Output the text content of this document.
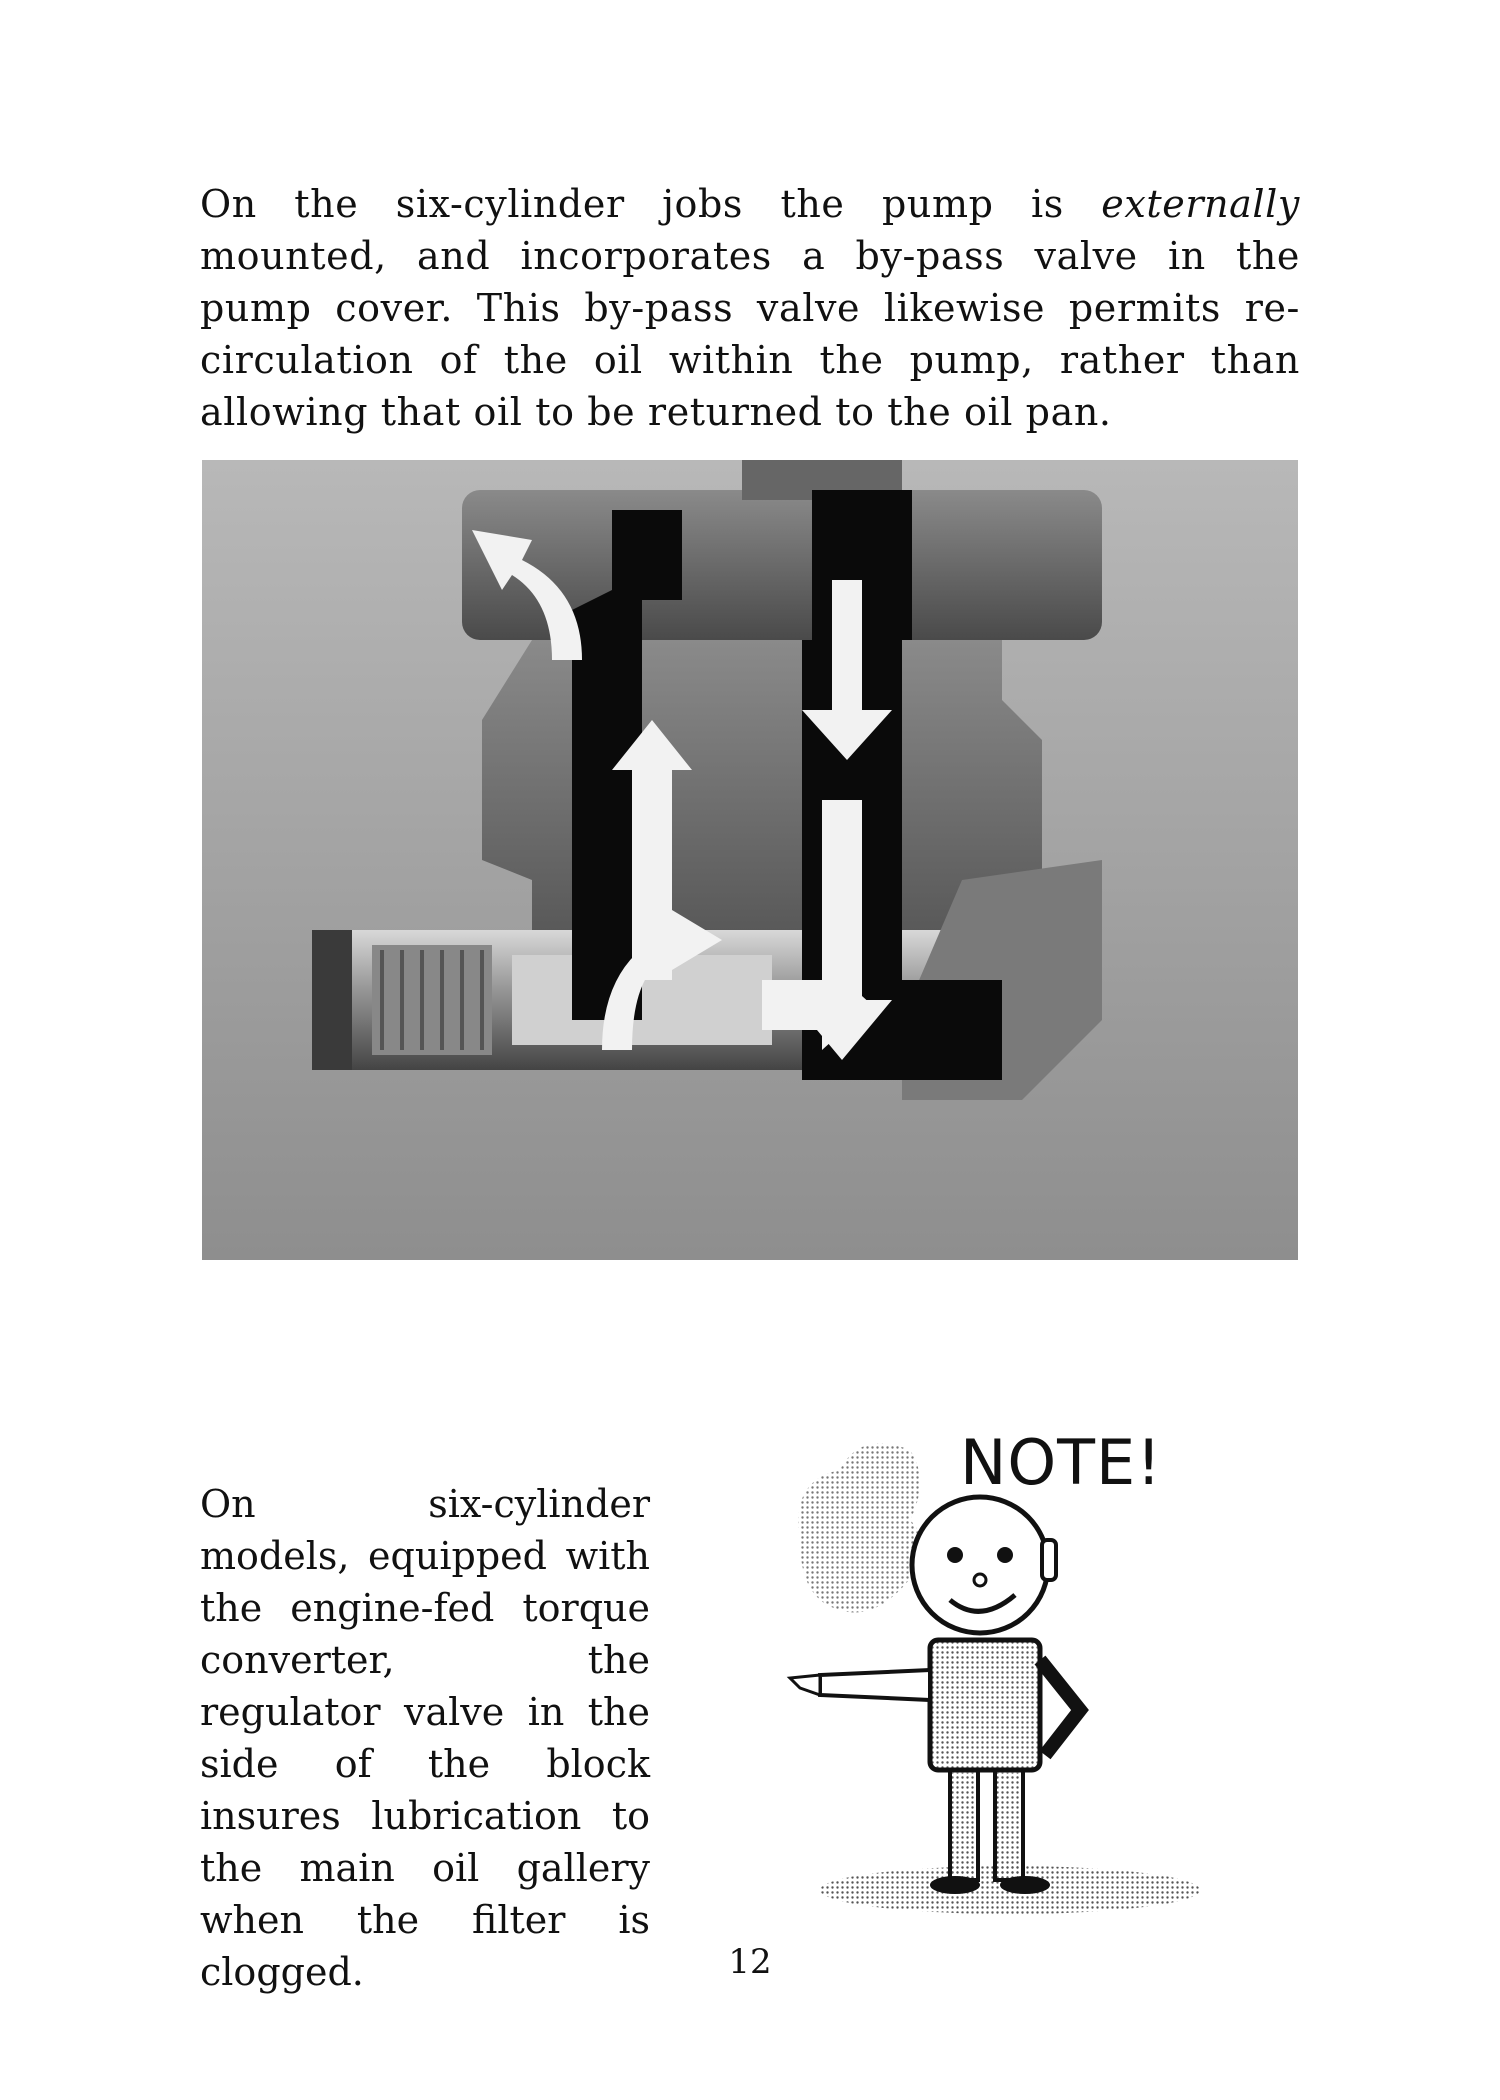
On the six-cylinder jobs the pump is externally mounted, and incorporates a by-pass valve in the pump cover. This by-pass valve likewise permits re-circulation of the oil within the pump, rather than allowing that oil to be returned to the oil pan.

On six-cylinder models, equipped with the engine-fed torque converter, the regulator valve in the side of the block insures lubrication to the main oil gallery when the filter is clogged.

NOTE!
12
